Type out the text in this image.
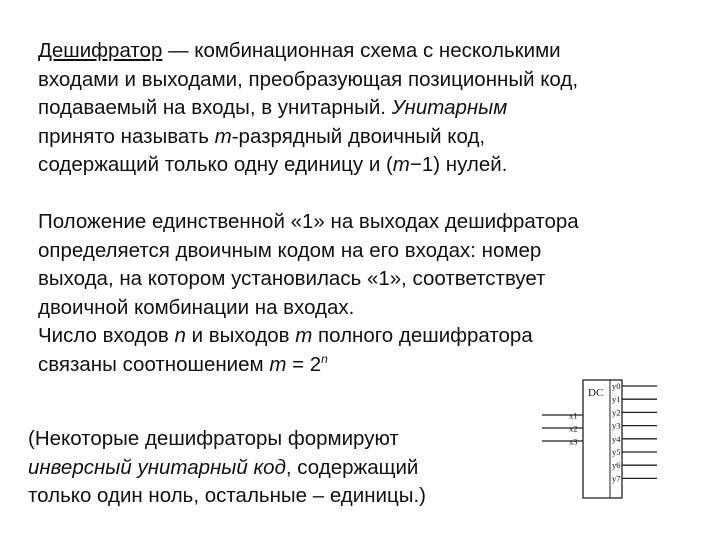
Дешифратор — комбинационная схема с несколькими
входами и выходами, преобразующая позиционный код,
подаваемый на входы, в унитарный. Унитарным
принято называть m-разрядный двоичный код,
содержащий только одну единицу и (m−1) нулей.
Положение единственной «1» на выходах дешифратора
определяется двоичным кодом на его входах: номер
выхода, на котором установилась «1», соответствует
двоичной комбинации на входах.
Число входов n и выходов m полного дешифратора
связаны соотношением $m = 2^n$
(Некоторые дешифраторы формируют
инверсный унитарный код, содержащий
только один ноль, остальные – единицы.)
DC
x1
x2
x3
y0
y1
y2
y3
y4
y5
y6
y7
